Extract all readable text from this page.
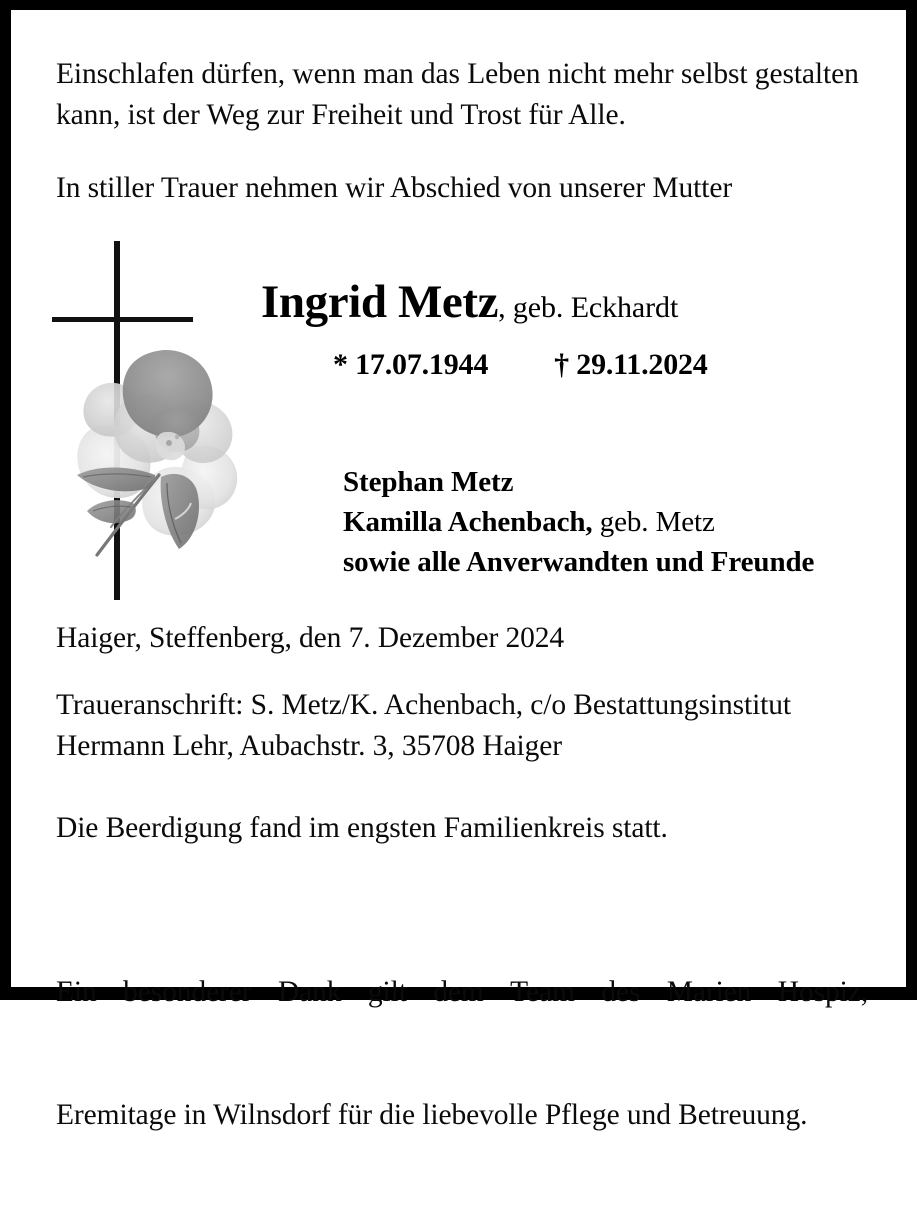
Einschlafen dürfen, wenn man das Leben nicht mehr selbst gestalten kann, ist der Weg zur Freiheit und Trost für Alle.
In stiller Trauer nehmen wir Abschied von unserer Mutter
Ingrid Metz, geb. Eckhardt
* 17.07.1944 † 29.11.2024
Stephan Metz
Kamilla Achenbach, geb. Metz
sowie alle Anverwandten und Freunde
Haiger, Steffenberg, den 7. Dezember 2024
Traueranschrift: S. Metz/K. Achenbach, c/o Bestattungsinstitut Hermann Lehr, Aubachstr. 3, 35708 Haiger
Die Beerdigung fand im engsten Familienkreis statt.

Ein besonderer Dank gilt dem Team des Marien Hospiz,

Eremitage in Wilnsdorf für die liebevolle Pflege und Betreuung.
